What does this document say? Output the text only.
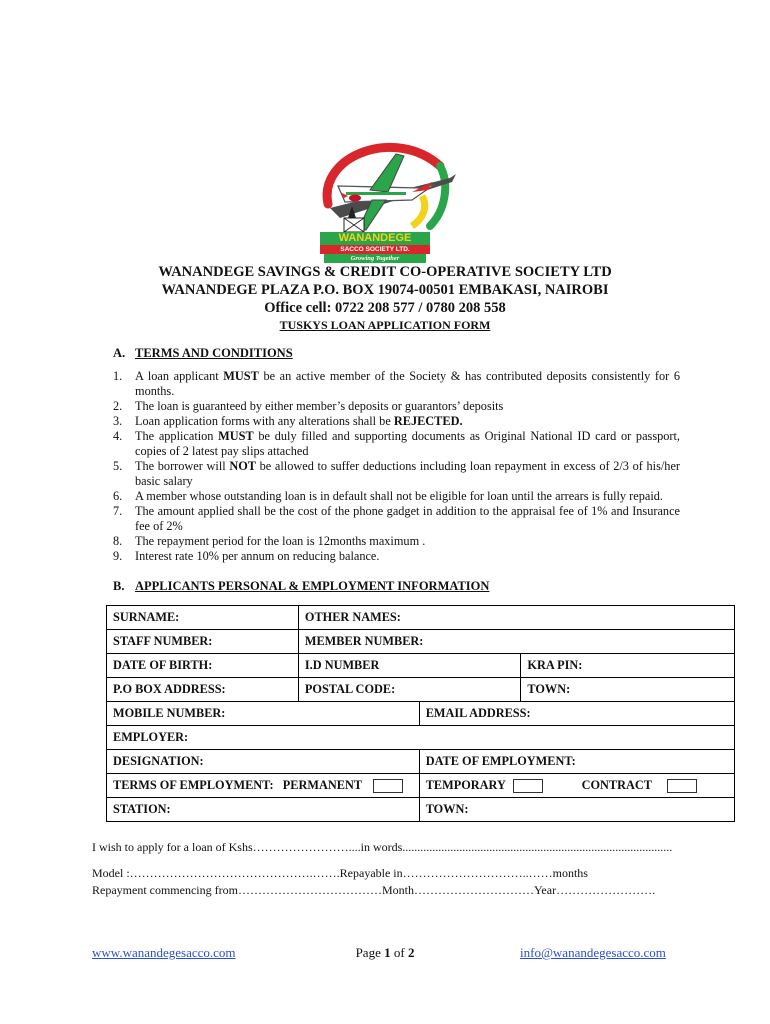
WANANDEGE
SACCO SOCIETY LTD.
Growing Together
WANANDEGE SAVINGS & CREDIT CO-OPERATIVE SOCIETY LTD
WANANDEGE PLAZA P.O. BOX 19074-00501 EMBAKASI, NAIROBI
Office cell: 0722 208 577 / 0780 208 558
TUSKYS LOAN APPLICATION FORM
A. TERMS AND CONDITIONS
1.	A loan applicant MUST be an active member of the Society & has contributed deposits consistently for 6 months.
2.	The loan is guaranteed by either member’s deposits or guarantors’ deposits
3.	Loan application forms with any alterations shall be REJECTED.
4.	The application MUST be duly filled and supporting documents as Original National ID card or passport, copies of 2 latest pay slips attached
5.	The borrower will NOT be allowed to suffer deductions including loan repayment in excess of 2/3 of his/her basic salary
6.	A member whose outstanding loan is in default shall not be eligible for loan until the arrears is fully repaid.
7.	The amount applied shall be the cost of the phone gadget in addition to the appraisal fee of 1% and Insurance fee of 2%
8.	The repayment period for the loan is 12months maximum .
9.	Interest rate 10% per annum on reducing balance.
B. APPLICANTS PERSONAL & EMPLOYMENT INFORMATION
SURNAME:	OTHER NAMES:		
STAFF NUMBER:	MEMBER NUMBER:		
DATE OF BIRTH:	I.D NUMBER		KRA PIN:
P.O BOX ADDRESS:	POSTAL CODE:		TOWN:
MOBILE NUMBER:		EMAIL ADDRESS:	
EMPLOYER:			
DESIGNATION:		DATE OF EMPLOYMENT:	
TERMS OF EMPLOYMENT: PERMANENT		TEMPORARY CONTRACT	
STATION:		TOWN:	
I wish to apply for a loan of Kshs……………………....in words..........................................................................................
Model :……………………………………….…….Repayable in…………………………..……months
Repayment commencing from………………………………Month…………………………Year…………………….
www.wanandegesacco.com	Page 1 of 2	info@wanandegesacco.com
